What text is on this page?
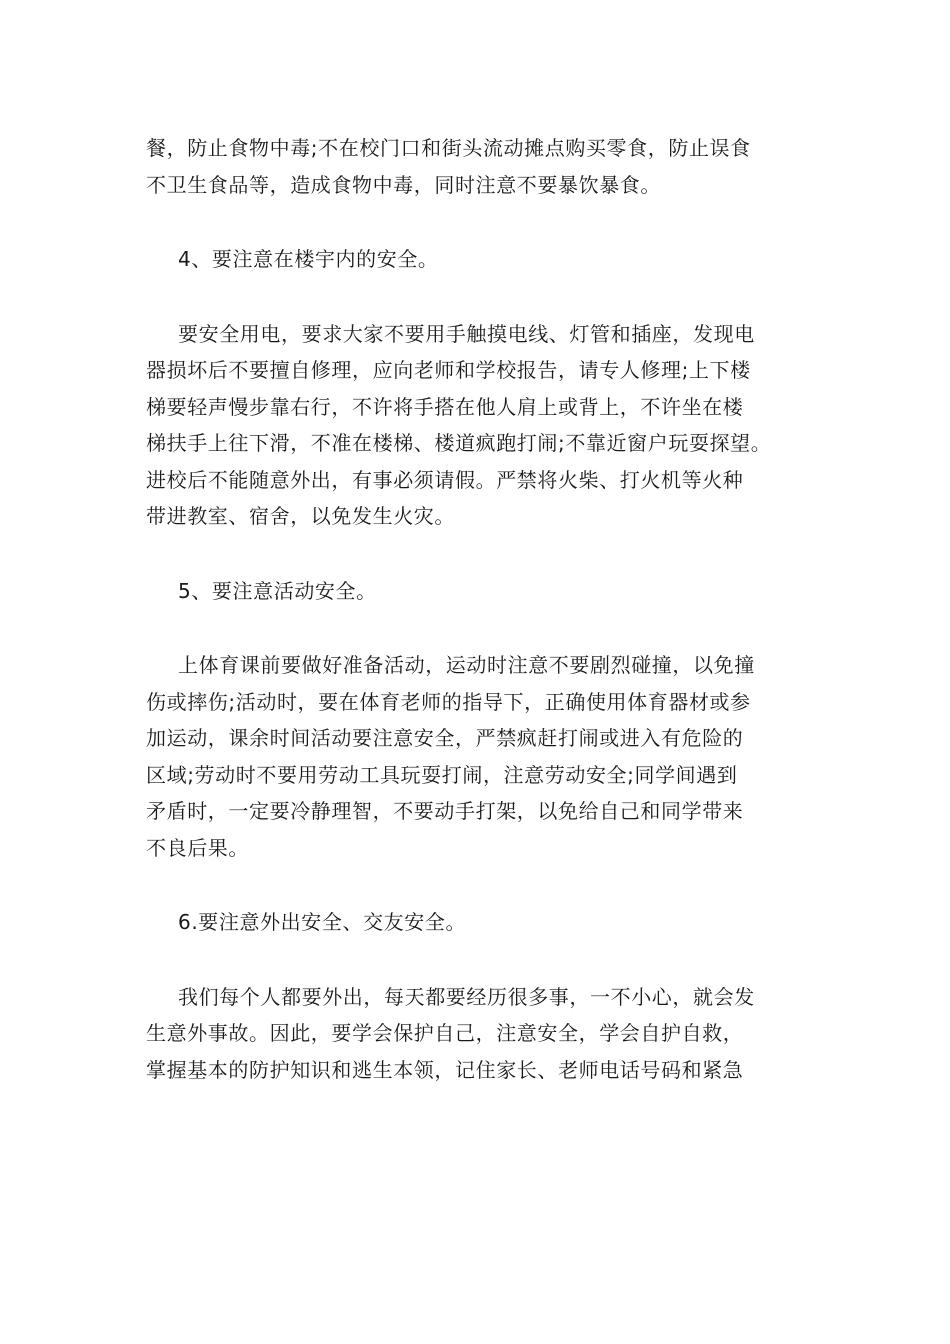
餐，防止食物中毒;不在校门口和街头流动摊点购买零食，防止误食
不卫生食品等，造成食物中毒，同时注意不要暴饮暴食。

4、要注意在楼宇内的安全。

要安全用电，要求大家不要用手触摸电线、灯管和插座，发现电
器损坏后不要擅自修理，应向老师和学校报告，请专人修理;上下楼
梯要轻声慢步靠右行，不许将手搭在他人肩上或背上，不许坐在楼
梯扶手上往下滑，不准在楼梯、楼道疯跑打闹;不靠近窗户玩耍探望。
进校后不能随意外出，有事必须请假。严禁将火柴、打火机等火种
带进教室、宿舍，以免发生火灾。

5、要注意活动安全。

上体育课前要做好准备活动，运动时注意不要剧烈碰撞，以免撞
伤或摔伤;活动时，要在体育老师的指导下，正确使用体育器材或参
加运动，课余时间活动要注意安全，严禁疯赶打闹或进入有危险的
区域;劳动时不要用劳动工具玩耍打闹，注意劳动安全;同学间遇到
矛盾时，一定要冷静理智，不要动手打架，以免给自己和同学带来
不良后果。

6.要注意外出安全、交友安全。

我们每个人都要外出，每天都要经历很多事，一不小心，就会发
生意外事故。因此，要学会保护自己，注意安全，学会自护自救，
掌握基本的防护知识和逃生本领，记住家长、老师电话号码和紧急
